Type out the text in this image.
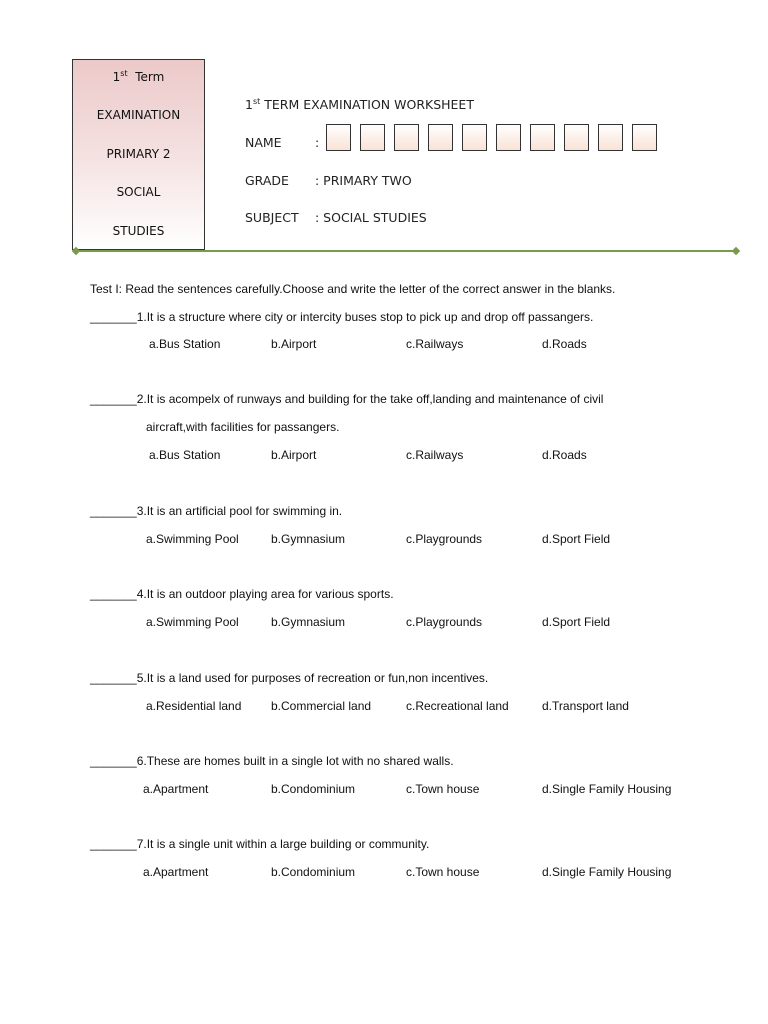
1st Term
EXAMINATION
PRIMARY 2
SOCIAL
STUDIES
1st TERM EXAMINATION WORKSHEET
NAME	:
GRADE : PRIMARY TWO
SUBJECT : SOCIAL STUDIES
Test I: Read the sentences carefully.Choose and write the letter of the correct answer in the blanks.
_______1.It is a structure where city or intercity buses stop to pick up and drop off passangers.
a.Bus Station	b.Airport	c.Railways	d.Roads
_______2.It is acompelx of runways and building for the take off,landing and maintenance of civil
aircraft,with facilities for passangers.
a.Bus Station	b.Airport	c.Railways	d.Roads
_______3.It is an artificial pool for swimming in.
a.Swimming Pool	b.Gymnasium	c.Playgrounds	d.Sport Field
_______4.It is an outdoor playing area for various sports.
a.Swimming Pool	b.Gymnasium	c.Playgrounds	d.Sport Field
_______5.It is a land used for purposes of recreation or fun,non incentives.
a.Residential land b.Commercial land	c.Recreational land	d.Transport land
_______6.These are homes built in a single lot with no shared walls.
a.Apartment	b.Condominium	c.Town house	d.Single Family Housing
_______7.It is a single unit within a large building or community.
a.Apartment	b.Condominium	c.Town house	d.Single Family Housing
